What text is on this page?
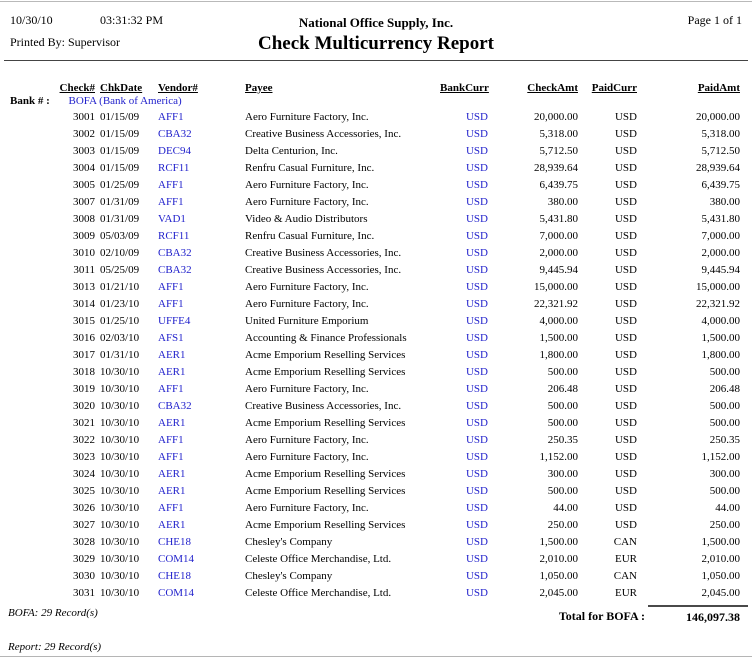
10/30/10	03:31:32 PM	Page 1 of 1
Printed By: Supervisor
National Office Supply, Inc.
Check Multicurrency Report
Check#	ChkDate	Vendor#	Payee	BankCurr	CheckAmt	PaidCurr	PaidAmt
Bank # : BOFA (Bank of America)							
3001	01/15/09	AFF1	Aero Furniture Factory, Inc.	USD	20,000.00	USD	20,000.00
3002	01/15/09	CBA32	Creative Business Accessories, Inc.	USD	5,318.00	USD	5,318.00
3003	01/15/09	DEC94	Delta Centurion, Inc.	USD	5,712.50	USD	5,712.50
3004	01/15/09	RCF11	Renfru Casual Furniture, Inc.	USD	28,939.64	USD	28,939.64
3005	01/25/09	AFF1	Aero Furniture Factory, Inc.	USD	6,439.75	USD	6,439.75
3007	01/31/09	AFF1	Aero Furniture Factory, Inc.	USD	380.00	USD	380.00
3008	01/31/09	VAD1	Video & Audio Distributors	USD	5,431.80	USD	5,431.80
3009	05/03/09	RCF11	Renfru Casual Furniture, Inc.	USD	7,000.00	USD	7,000.00
3010	02/10/09	CBA32	Creative Business Accessories, Inc.	USD	2,000.00	USD	2,000.00
3011	05/25/09	CBA32	Creative Business Accessories, Inc.	USD	9,445.94	USD	9,445.94
3013	01/21/10	AFF1	Aero Furniture Factory, Inc.	USD	15,000.00	USD	15,000.00
3014	01/23/10	AFF1	Aero Furniture Factory, Inc.	USD	22,321.92	USD	22,321.92
3015	01/25/10	UFFE4	United Furniture Emporium	USD	4,000.00	USD	4,000.00
3016	02/03/10	AFS1	Accounting & Finance Professionals	USD	1,500.00	USD	1,500.00
3017	01/31/10	AER1	Acme Emporium Reselling Services	USD	1,800.00	USD	1,800.00
3018	10/30/10	AER1	Acme Emporium Reselling Services	USD	500.00	USD	500.00
3019	10/30/10	AFF1	Aero Furniture Factory, Inc.	USD	206.48	USD	206.48
3020	10/30/10	CBA32	Creative Business Accessories, Inc.	USD	500.00	USD	500.00
3021	10/30/10	AER1	Acme Emporium Reselling Services	USD	500.00	USD	500.00
3022	10/30/10	AFF1	Aero Furniture Factory, Inc.	USD	250.35	USD	250.35
3023	10/30/10	AFF1	Aero Furniture Factory, Inc.	USD	1,152.00	USD	1,152.00
3024	10/30/10	AER1	Acme Emporium Reselling Services	USD	300.00	USD	300.00
3025	10/30/10	AER1	Acme Emporium Reselling Services	USD	500.00	USD	500.00
3026	10/30/10	AFF1	Aero Furniture Factory, Inc.	USD	44.00	USD	44.00
3027	10/30/10	AER1	Acme Emporium Reselling Services	USD	250.00	USD	250.00
3028	10/30/10	CHE18	Chesley's Company	USD	1,500.00	CAN	1,500.00
3029	10/30/10	COM14	Celeste Office Merchandise, Ltd.	USD	2,010.00	EUR	2,010.00
3030	10/30/10	CHE18	Chesley's Company	USD	1,050.00	CAN	1,050.00
3031	10/30/10	COM14	Celeste Office Merchandise, Ltd.	USD	2,045.00	EUR	2,045.00
Total for BOFA :	146,097.38
BOFA: 29 Record(s)
Report: 29 Record(s)
